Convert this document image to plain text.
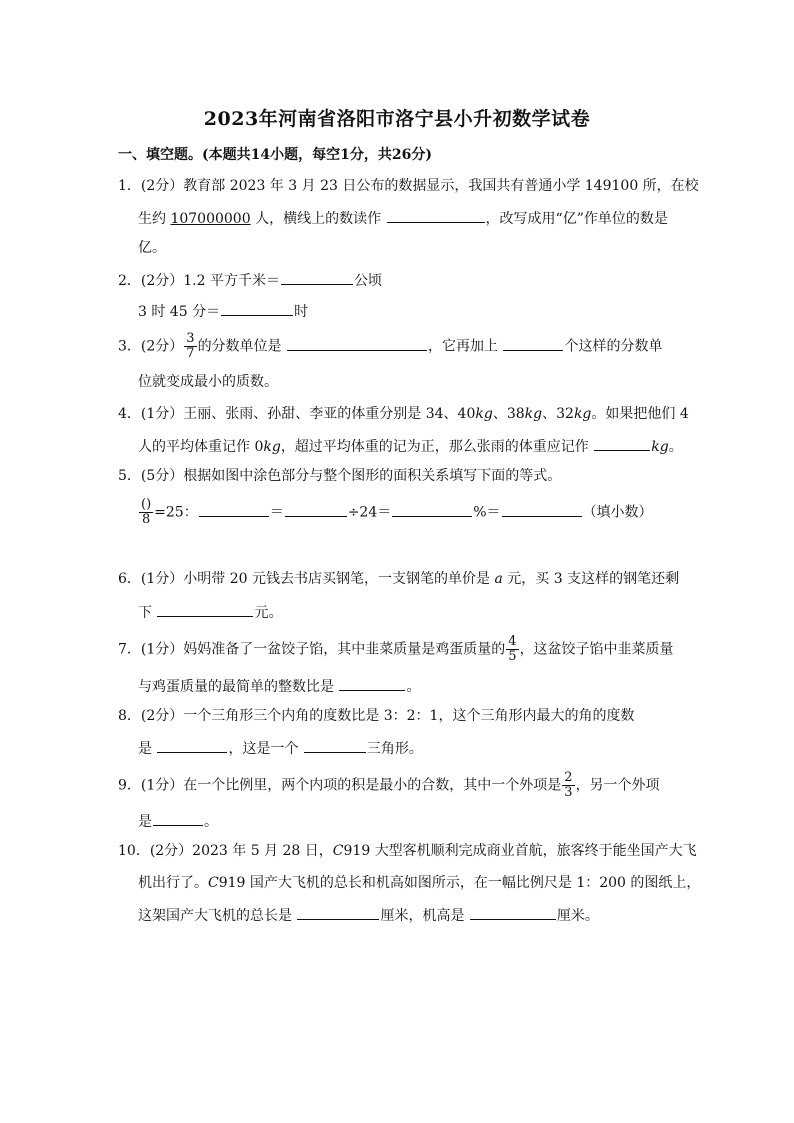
2023年河南省洛阳市洛宁县小升初数学试卷
一、填空题。(本题共14小题，每空1分，共26分)
1．(2分）教育部 2023 年 3 月 23 日公布的数据显示，我国共有普通小学 149100 所，在校
生约 107000000 人，横线上的数读作	，改写成用“亿”作单位的数是
亿。
2．(2分）1.2 平方千米＝	公顷
3 时 45 分＝	时
3．(2分） $\frac{3}{7}$ 的分数单位是	，它再加上	个这样的分数单
位就变成最小的质数。
4．(1分）王丽、张雨、孙甜、李亚的体重分别是 34、40kg、38kg、32kg。如果把他们 4
人的平均体重记作 0kg，超过平均体重的记为正，那么张雨的体重应记作	kg。
5．(5分）根据如图中涂色部分与整个图形的面积关系填写下面的等式。
$\frac{()}{8} =25$：	＝	÷24＝	%＝	（填小数）
6．(1分）小明带 20 元钱去书店买钢笔，一支钢笔的单价是 a 元，买 3 支这样的钢笔还剩
下	元。
7．(1分）妈妈准备了一盆饺子馅，其中韭菜质量是鸡蛋质量的 $\frac{4}{5}$ ，这盆饺子馅中韭菜质量
与鸡蛋质量的最简单的整数比是	。
8．(2分）一个三角形三个内角的度数比是 3：2：1，这个三角形内最大的角的度数
是	，这是一个	三角形。
9．(1分）在一个比例里，两个内项的积是最小的合数，其中一个外项是 $\frac{2}{3}$ ，另一个外项
是	。
10．(2分）2023 年 5 月 28 日，C919 大型客机顺利完成商业首航，旅客终于能坐国产大飞
机出行了。C919 国产大飞机的总长和机高如图所示，在一幅比例尺是 1：200 的图纸上，
这架国产大飞机的总长是	厘米，机高是	厘米。
